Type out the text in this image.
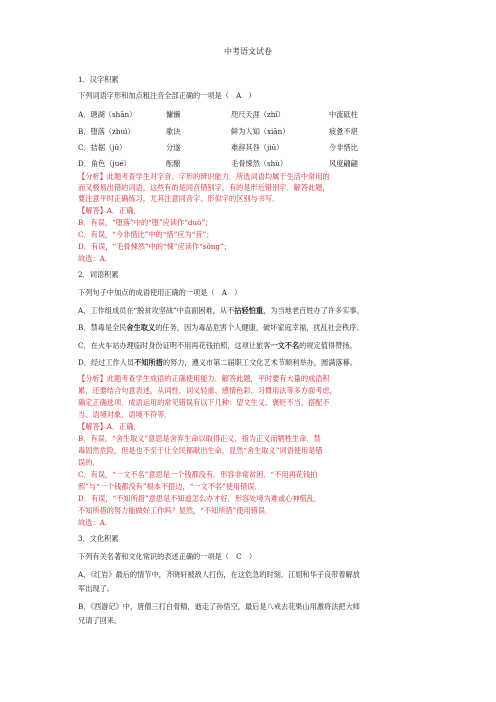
中考语文试卷
1．汉字积累
下列词语字形和加点粗注音全部正确的一项是（　A　）
A．瑭湖（shān）	慵懒	咫尺天涯（zhǐ）	中流砥柱
B．堕落（zhuì）	歌诀	鲜为人知（xiān）	疲惫不堪
C．拮据（jū）	分遂	难辞其咎（jiū）	今非惜比
D．角色（jué）	酝酿	毛骨悚然（shù）	风度翩翩
【分析】此题考查学生对字音、字形的辨识能力．所选词语均属于生活中常用的
而又极易出错的词语，这些有的是同音错别字，有的是形近错别字．解答此题，
要注意平时正确练习，尤其注意同音字、形似字的区别与书写．
【解答】A．正确．
B．有误，“堕落”中的“堕”应读作“duò”；
C．有误，“今非惜比”中的“惜”应为“昔”；
D．有误，“毛骨悚然”中的“悚”应读作“sǒng”；
故选：A．
2．词语积累
下列句子中加点的成语使用正确的一项是（　A　）
A．工作组成员在“脱贫攻坚战”中直面困难，从不拈轻怕重，为当地老百姓办了许多实事。
B．禁毒是全民舍生取义的任务，因为毒品危害个人健康，破坏家庭幸福，扰乱社会秩序。
C．在火车站办理临时身份证明不用再花钱拍照，这项让旅客一文不名的规定值得赞扬。
D．经过工作人员不知所措的努力，遵义市第二届职工文化艺术节顺利举办，圆满落幕。
【分析】此题考查学生成语的正确使用能力．解答此题，平时要有大量的成语积
累，还要结合句意表述，从词性、词义轻重、感情色彩、习惯用法等多方面考虑，
确定正确选项．成语运用的常见错误有以下几种：望文生义、褒贬不当、搭配不
当、语境对象、语境不符等．
【解答】A．正确．
B．有误，“舍生取义”意思是舍弃生命以取得正义．指为正义而牺牲生命．禁
毒固然危险，但是也不至于让全民都献出生命，显然“舍生取义”词语使用是错
误的．
C．有误，“一文不名”意思是一个钱都没有．形容非常贫困．“不用再花钱拍
照”与“一个钱都没有”根本不搭边，“一文不名”使用错误．
D．有误，“不知所措”意思是不知道怎么办才好．形容处境为难或心神慌乱．
不知所措的努力能做好工作吗？显然，“不知所措”使用错误．
故选：A．
3．文化积累
下列有关名著和文化常识的表述正确的一项是（　C　）
A．《红岩》最后的情节中，齐晓轩被敌人打伤，在这危急的时刻，江姐和华子良带着解放
军出现了。
B．《西游记》中，唐僧三打白骨精，逝走了孙悟空，最后是八戒去花果山用激将法把大师
兄请了回来。
